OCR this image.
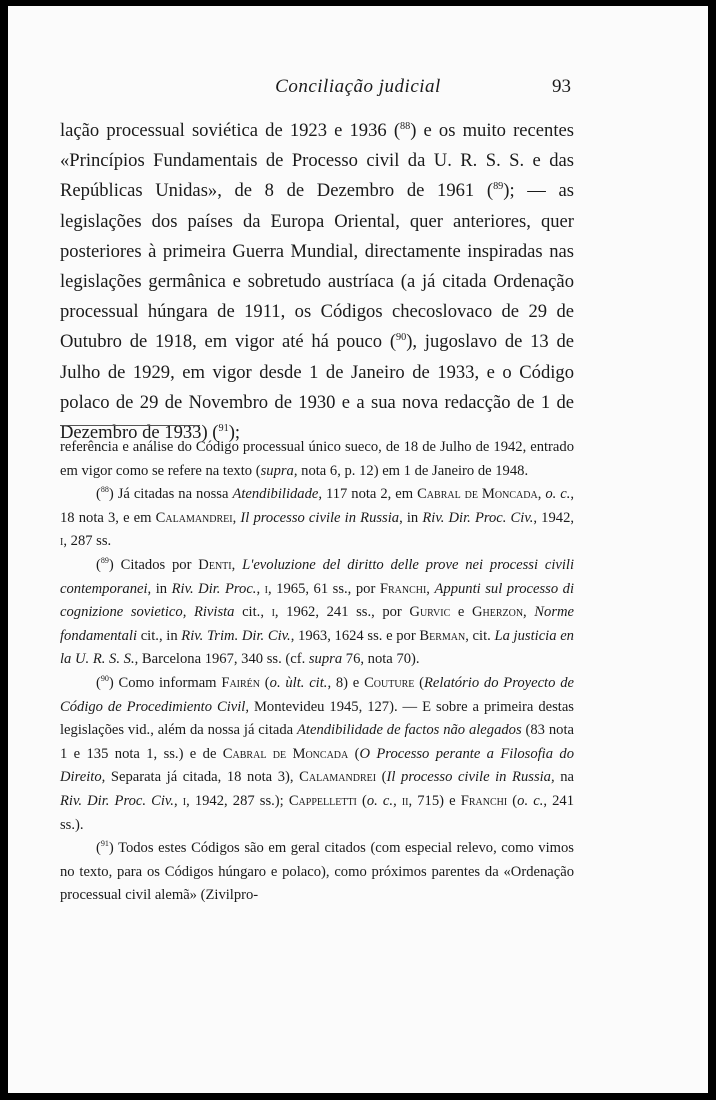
Conciliação judicial	93

lação processual soviética de 1923 e 1936 ($^{88}$) e os muito recentes «Princípios Fundamentais de Processo civil da U. R. S. S. e das Repúblicas Unidas», de 8 de Dezembro de 1961 ($^{89}$); — as legislações dos países da Europa Oriental, quer anteriores, quer posteriores à primeira Guerra Mundial, directamente inspiradas nas legislações germânica e sobretudo austríaca (a já citada Ordenação processual húngara de 1911, os Códigos checoslovaco de 29 de Outubro de 1918, em vigor até há pouco ($^{90}$), jugoslavo de 13 de Julho de 1929, em vigor desde 1 de Janeiro de 1933, e o Código polaco de 29 de Novembro de 1930 e a sua nova redacção de 1 de Dezembro de 1933) ($^{91}$);

referência e análise do Código processual único sueco, de 18 de Julho de 1942, entrado em vigor como se refere na texto (supra, nota 6, p. 12) em 1 de Janeiro de 1948.

($^{88}$) Já citadas na nossa Atendibilidade, 117 nota 2, em Cabral de Moncada, o. c., 18 nota 3, e em Calamandrei, Il processo civile in Russia, in Riv. Dir. Proc. Civ., 1942, i, 287 ss.

($^{89}$) Citados por Denti, L'evoluzione del diritto delle prove nei processi civili contemporanei, in Riv. Dir. Proc., i, 1965, 61 ss., por Franchi, Appunti sul processo di cognizione sovietico, Rivista cit., i, 1962, 241 ss., por Gurvic e Gherzon, Norme fondamentali cit., in Riv. Trim. Dir. Civ., 1963, 1624 ss. e por Berman, cit. La justicia en la U. R. S. S., Barcelona 1967, 340 ss. (cf. supra 76, nota 70).

($^{90}$) Como informam Fairén (o. ùlt. cit., 8) e Couture (Relatório do Proyecto de Código de Procedimiento Civil, Montevideu 1945, 127). — E sobre a primeira destas legislações vid., além da nossa já citada Atendibilidade de factos não alegados (83 nota 1 e 135 nota 1, ss.) e de Cabral de Moncada (O Processo perante a Filosofia do Direito, Separata já citada, 18 nota 3), Calamandrei (Il processo civile in Russia, na Riv. Dir. Proc. Civ., i, 1942, 287 ss.); Cappelletti (o. c., ii, 715) e Franchi (o. c., 241 ss.).

($^{91}$) Todos estes Códigos são em geral citados (com especial relevo, como vimos no texto, para os Códigos húngaro e polaco), como próximos parentes da «Ordenação processual civil alemã» (Zivilpro-
